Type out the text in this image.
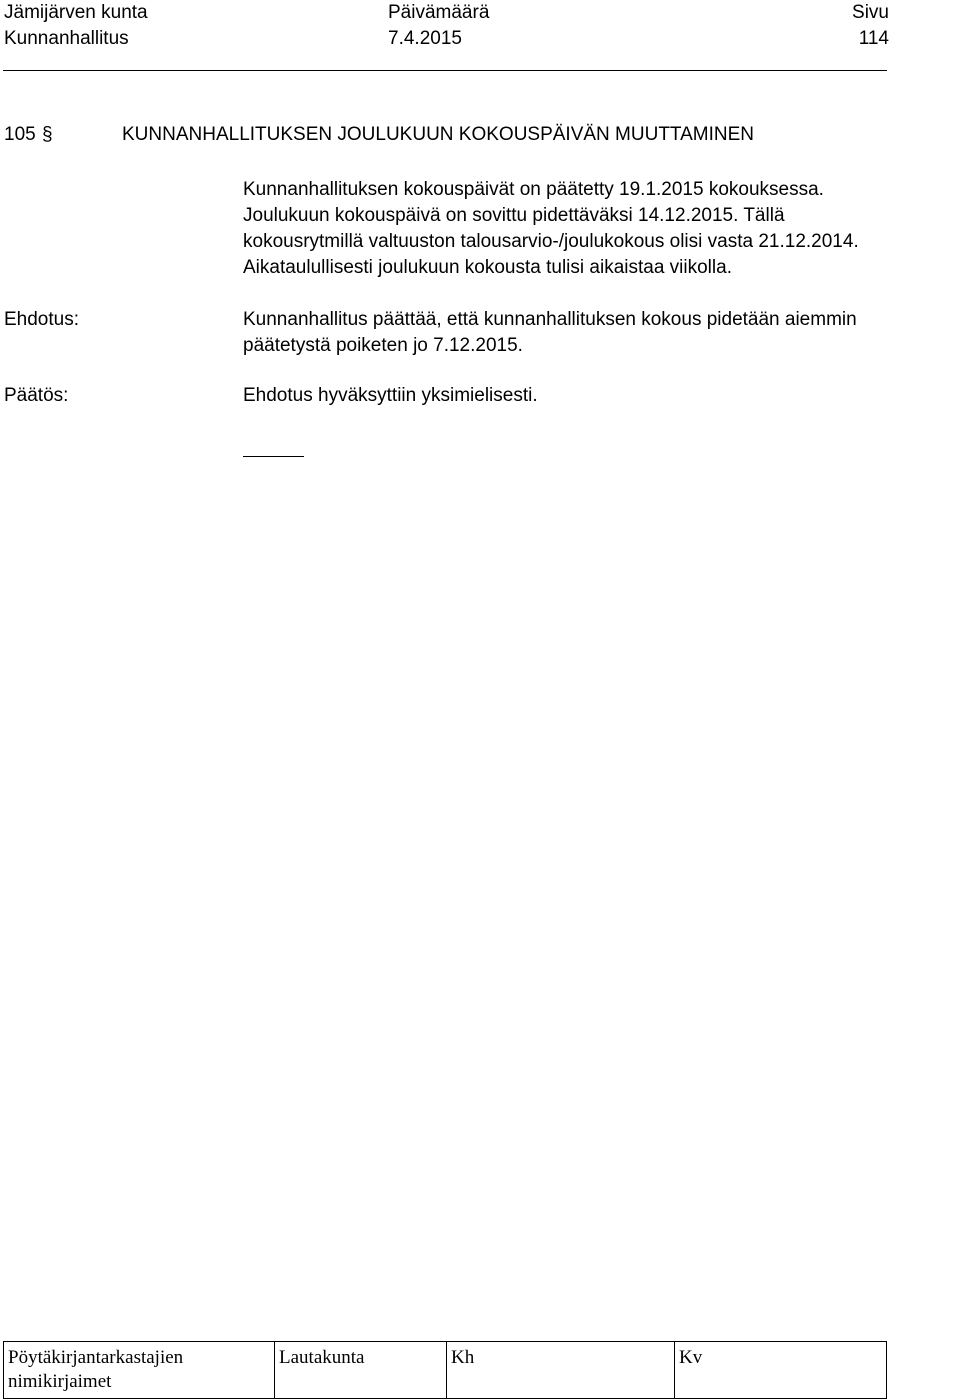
Jämijärven kunta
Kunnanhallitus
Päivämäärä
7.4.2015
Sivu
114
105 §	KUNNANHALLITUKSEN JOULUKUUN KOKOUSPÄIVÄN MUUTTAMINEN

Kunnanhallituksen kokouspäivät on päätetty 19.1.2015 kokouksessa.

Joulukuun kokouspäivä on sovittu pidettäväksi 14.12.2015. Tällä

kokousrytmillä valtuuston talousarvio-/joulukokous olisi vasta 21.12.2014.

Aikataulullisesti joulukuun kokousta tulisi aikaistaa viikolla.

Ehdotus:	Kunnanhallitus päättää, että kunnanhallituksen kokous pidetään aiemmin

päätetystä poiketen jo 7.12.2015.

Päätös:	Ehdotus hyväksyttiin yksimielisesti.

Pöytäkirjantarkastajien
nimikirjaimet

Lautakunta	Kh	Kv
